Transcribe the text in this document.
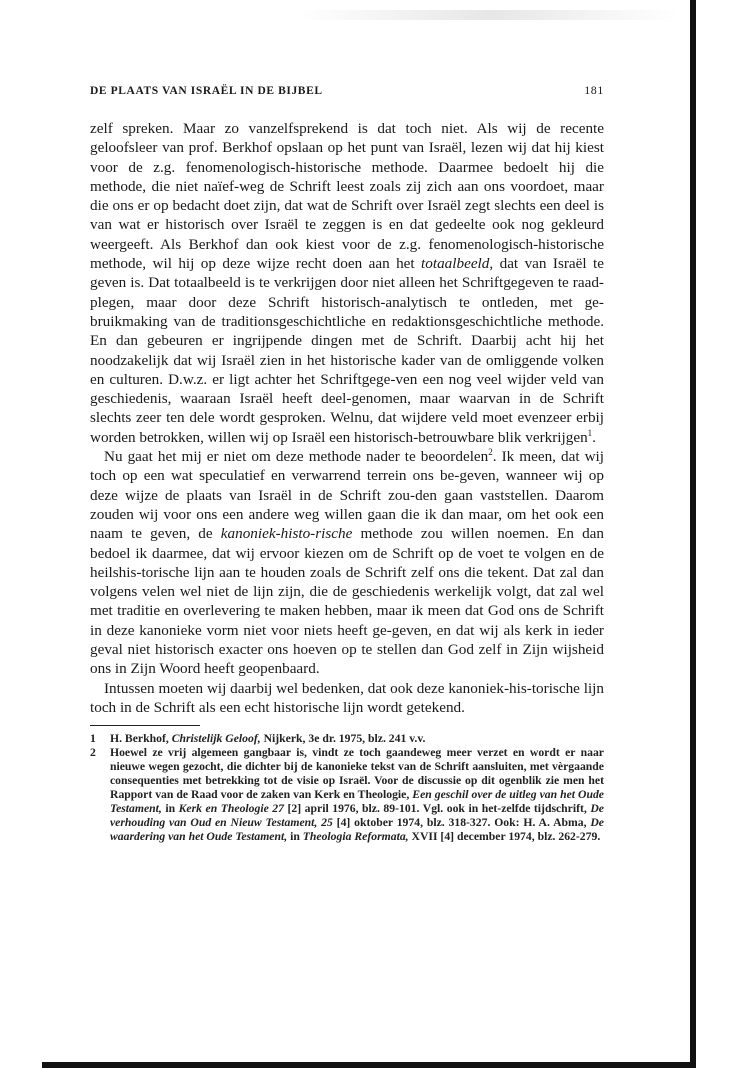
DE PLAATS VAN ISRAËL IN DE BIJBEL	181

zelf spreken. Maar zo vanzelfsprekend is dat toch niet. Als wij de recente geloofsleer van prof. Berkhof opslaan op het punt van Israël, lezen wij dat hij kiest voor de z.g. fenomenologisch-historische methode. Daarmee bedoelt hij die methode, die niet naïef-weg de Schrift leest zoals zij zich aan ons voordoet, maar die ons er op bedacht doet zijn, dat wat de Schrift over Israël zegt slechts een deel is van wat er historisch over Israël te zeggen is en dat gedeelte ook nog gekleurd weergeeft. Als Berkhof dan ook kiest voor de z.g. fenomenologisch-historische methode, wil hij op deze wijze recht doen aan het totaalbeeld, dat van Israël te geven is. Dat totaalbeeld is te verkrijgen door niet alleen het Schriftgegeven te raad-plegen, maar door deze Schrift historisch-analytisch te ontleden, met ge-bruikmaking van de traditionsgeschichtliche en redaktionsgeschichtliche methode. En dan gebeuren er ingrijpende dingen met de Schrift. Daarbij acht hij het noodzakelijk dat wij Israël zien in het historische kader van de omliggende volken en culturen. D.w.z. er ligt achter het Schriftgege-ven een nog veel wijder veld van geschiedenis, waaraan Israël heeft deel-genomen, maar waarvan in de Schrift slechts zeer ten dele wordt gesproken. Welnu, dat wijdere veld moet evenzeer erbij worden betrokken, willen wij op Israël een historisch-betrouwbare blik verkrijgen$^1$.

Nu gaat het mij er niet om deze methode nader te beoordelen$^2$. Ik meen, dat wij toch op een wat speculatief en verwarrend terrein ons be-geven, wanneer wij op deze wijze de plaats van Israël in de Schrift zou-den gaan vaststellen. Daarom zouden wij voor ons een andere weg willen gaan die ik dan maar, om het ook een naam te geven, de kanoniek-histo-rische methode zou willen noemen. En dan bedoel ik daarmee, dat wij ervoor kiezen om de Schrift op de voet te volgen en de heilshis-torische lijn aan te houden zoals de Schrift zelf ons die tekent. Dat zal dan volgens velen wel niet de lijn zijn, die de geschiedenis werkelijk volgt, dat zal wel met traditie en overlevering te maken hebben, maar ik meen dat God ons de Schrift in deze kanonieke vorm niet voor niets heeft ge-geven, en dat wij als kerk in ieder geval niet historisch exacter ons hoeven op te stellen dan God zelf in Zijn wijsheid ons in Zijn Woord heeft geopenbaard.

Intussen moeten wij daarbij wel bedenken, dat ook deze kanoniek-his-torische lijn toch in de Schrift als een echt historische lijn wordt getekend.

1	H. Berkhof, Christelijk Geloof, Nijkerk, 3e dr. 1975, blz. 241 v.v.
2	Hoewel ze vrij algemeen gangbaar is, vindt ze toch gaandeweg meer verzet en wordt er naar nieuwe wegen gezocht, die dichter bij de kanonieke tekst van de Schrift aansluiten, met vèrgaande consequenties met betrekking tot de visie op Israël. Voor de discussie op dit ogenblik zie men het Rapport van de Raad voor de zaken van Kerk en Theologie, Een geschil over de uitleg van het Oude Testament, in Kerk en Theologie 27 [2] april 1976, blz. 89-101. Vgl. ook in het-zelfde tijdschrift, De verhouding van Oud en Nieuw Testament, 25 [4] oktober 1974, blz. 318-327. Ook: H. A. Abma, De waardering van het Oude Testament, in Theologia Reformata, XVII [4] december 1974, blz. 262-279.
